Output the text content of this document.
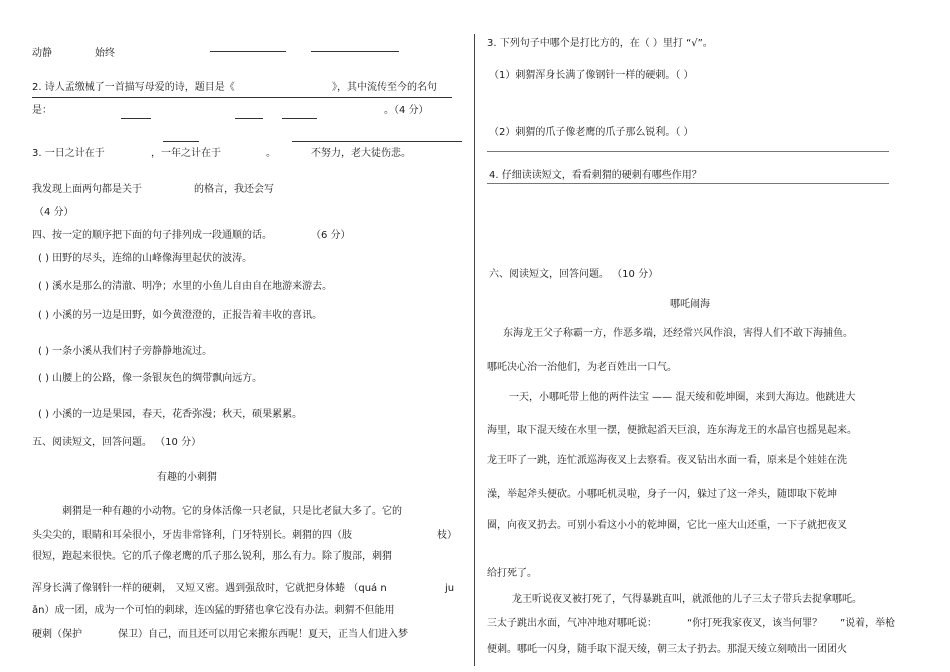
动静	始终
2. 诗人孟缴械了一首描写母爱的诗，题目是《	》，其中流传至今的名句
是：	。（4 分）
3. 一日之计在于	，一年之计在于	。	不努力，老大徒伤悲。
我发现上面两句都是关于	的格言，我还会写
（4 分）
四、按一定的顺序把下面的句子排列成一段通顺的话。	（6 分）
( ) 田野的尽头，连绵的山峰像海里起伏的波涛。
( ) 溪水是那么的清澈、明净；水里的小鱼儿自由自在地游来游去。
( ) 小溪的另一边是田野，如今黄澄澄的，正报告着丰收的喜讯。
( ) 一条小溪从我们村子旁静静地流过。
( ) 山腰上的公路，像一条银灰色的绸带飘向远方。
( ) 小溪的一边是果园，春天，花香弥漫；秋天，硕果累累。
五、阅读短文，回答问题。 （10 分）
有趣的小刺猬
刺猬是一种有趣的小动物。它的身体活像一只老鼠，只是比老鼠大多了。它的
头尖尖的，眼睛和耳朵很小，牙齿非常锋利，门牙特别长。刺猬的四（肢	枝）
很短，跑起来很快。它的爪子像老鹰的爪子那么锐利，那么有力。除了腹部，刺猬
浑身长满了像钢针一样的硬刺， 又短又密。遇到强敌时，它就把身体蜷 （quá n	ju
ǎn）成一团，成为一个可怕的刺球，连凶猛的野猪也拿它没有办法。刺猬不但能用
硬刺（保护	保卫）自己，而且还可以用它来搬东西呢！夏天，正当人们进入梦
3. 下列句子中哪个是打比方的，在（ ）里打 “√”。
（1）刺猬浑身长满了像钢针一样的硬刺。（ ）
（2）刺猬的爪子像老鹰的爪子那么锐利。（ ）
4. 仔细读读短文，看看刺猬的硬刺有哪些作用？
六、阅读短文，回答问题。 （10 分）
哪吒闹海
东海龙王父子称霸一方，作恶多端，还经常兴风作浪，害得人们不敢下海捕鱼。
哪吒决心治一治他们，为老百姓出一口气。
一天，小哪吒带上他的两件法宝 —— 混天绫和乾坤圈，来到大海边。他跳进大
海里，取下混天绫在水里一摆，便掀起滔天巨浪，连东海龙王的水晶宫也摇晃起来。
龙王吓了一跳，连忙派巡海夜叉上去察看。夜叉钻出水面一看，原来是个娃娃在洗
澡，举起斧头便砍。小哪吒机灵啦，身子一闪，躲过了这一斧头，随即取下乾坤
圈，向夜叉扔去。可别小看这小小的乾坤圈，它比一座大山还重，一下子就把夜叉
给打死了。
龙王听说夜叉被打死了，气得暴跳直叫，就派他的儿子三太子带兵去捉拿哪吒。
三太子跳出水面，气冲冲地对哪吒说：	“你打死我家夜叉，该当何罪？ ”说着，举枪
便刺。哪吒一闪身，随手取下混天绫，朝三太子扔去。那混天绫立刻喷出一团团火
